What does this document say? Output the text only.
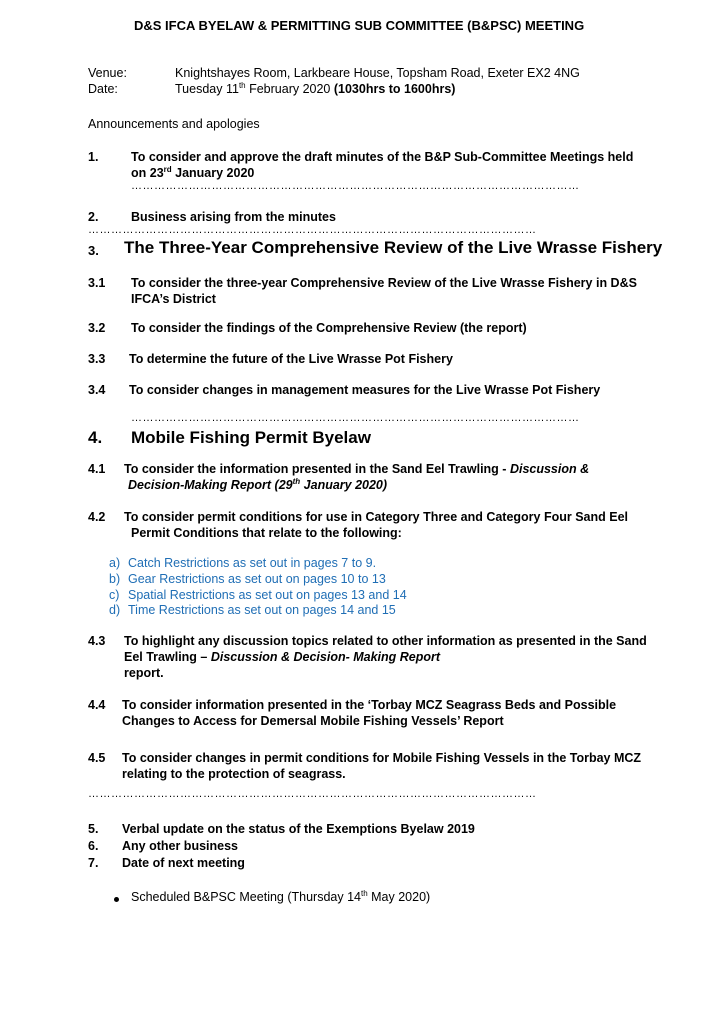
D&S IFCA BYELAW & PERMITTING SUB COMMITTEE (B&PSC) MEETING
Venue:	Knightshayes Room, Larkbeare House, Topsham Road, Exeter EX2 4NG
Date:	Tuesday 11th February 2020 (1030hrs to 1600hrs)
Announcements and apologies
1.	To consider and approve the draft minutes of the B&P Sub-Committee Meetings held
on 23rd January 2020
………………………………………………………………………………………………………
2.	Business arising from the minutes
………………………………………………………………………………………………………
3. The Three-Year Comprehensive Review of the Live Wrasse Fishery
3.1 To consider the three-year Comprehensive Review of the Live Wrasse Fishery in D&S
IFCA’s District
3.2 To consider the findings of the Comprehensive Review (the report)
3.3 To determine the future of the Live Wrasse Pot Fishery
3.4 To consider changes in management measures for the Live Wrasse Pot Fishery
………………………………………………………………………………………………………
4. Mobile Fishing Permit Byelaw
4.1 To consider the information presented in the Sand Eel Trawling - Discussion &
Decision-Making Report (29th January 2020)
4.2 To consider permit conditions for use in Category Three and Category Four Sand Eel
Permit Conditions that relate to the following:
a) Catch Restrictions as set out in pages 7 to 9.
b) Gear Restrictions as set out on pages 10 to 13
c) Spatial Restrictions as set out on pages 13 and 14
d) Time Restrictions as set out on pages 14 and 15
4.3 To highlight any discussion topics related to other information as presented in the Sand
Eel Trawling – Discussion & Decision- Making Report
report.
4.4 To consider information presented in the ‘Torbay MCZ Seagrass Beds and Possible
Changes to Access for Demersal Mobile Fishing Vessels’ Report
4.5 To consider changes in permit conditions for Mobile Fishing Vessels in the Torbay MCZ
relating to the protection of seagrass.
………………………………………………………………………………………………………
5. Verbal update on the status of the Exemptions Byelaw 2019
6. Any other business
7. Date of next meeting
Scheduled B&PSC Meeting (Thursday 14th May 2020)
